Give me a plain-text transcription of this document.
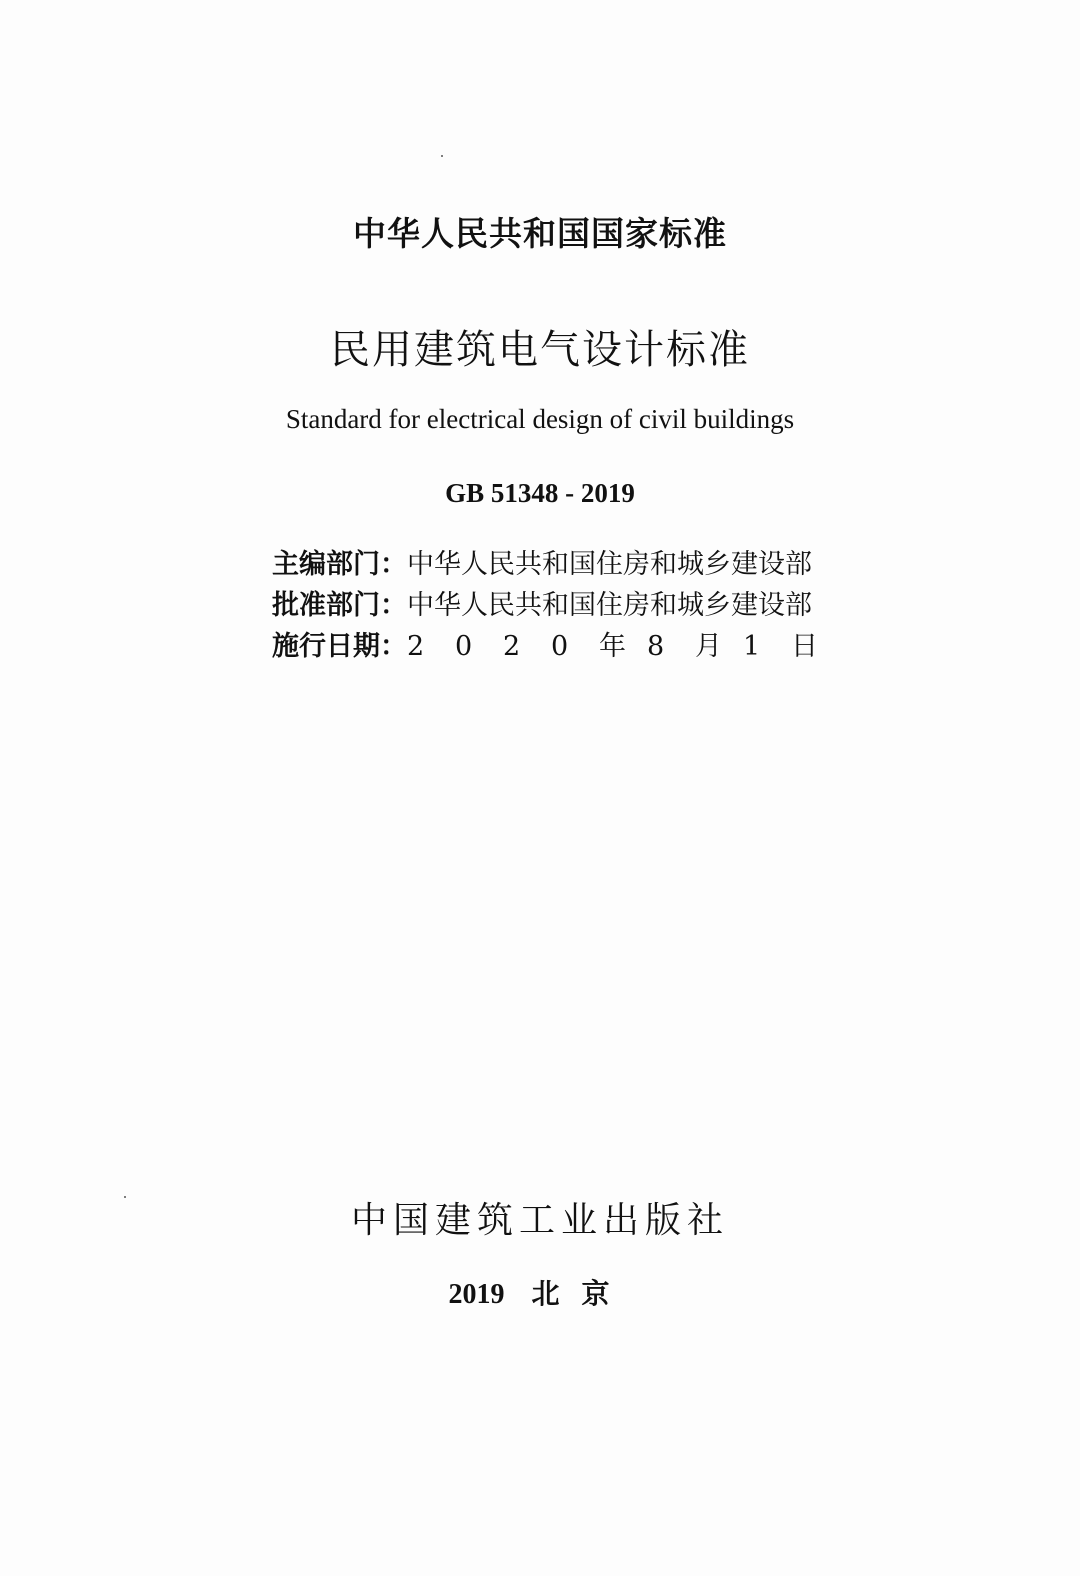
中华人民共和国国家标准
民用建筑电气设计标准
Standard for electrical design of civil buildings
GB 51348 - 2019
主编部门： 中华人民共和国住房和城乡建设部
批准部门： 中华人民共和国住房和城乡建设部
施行日期： 2	0	2	0	年 8	月 1	日
中国建筑工业出版社
2019 北京
